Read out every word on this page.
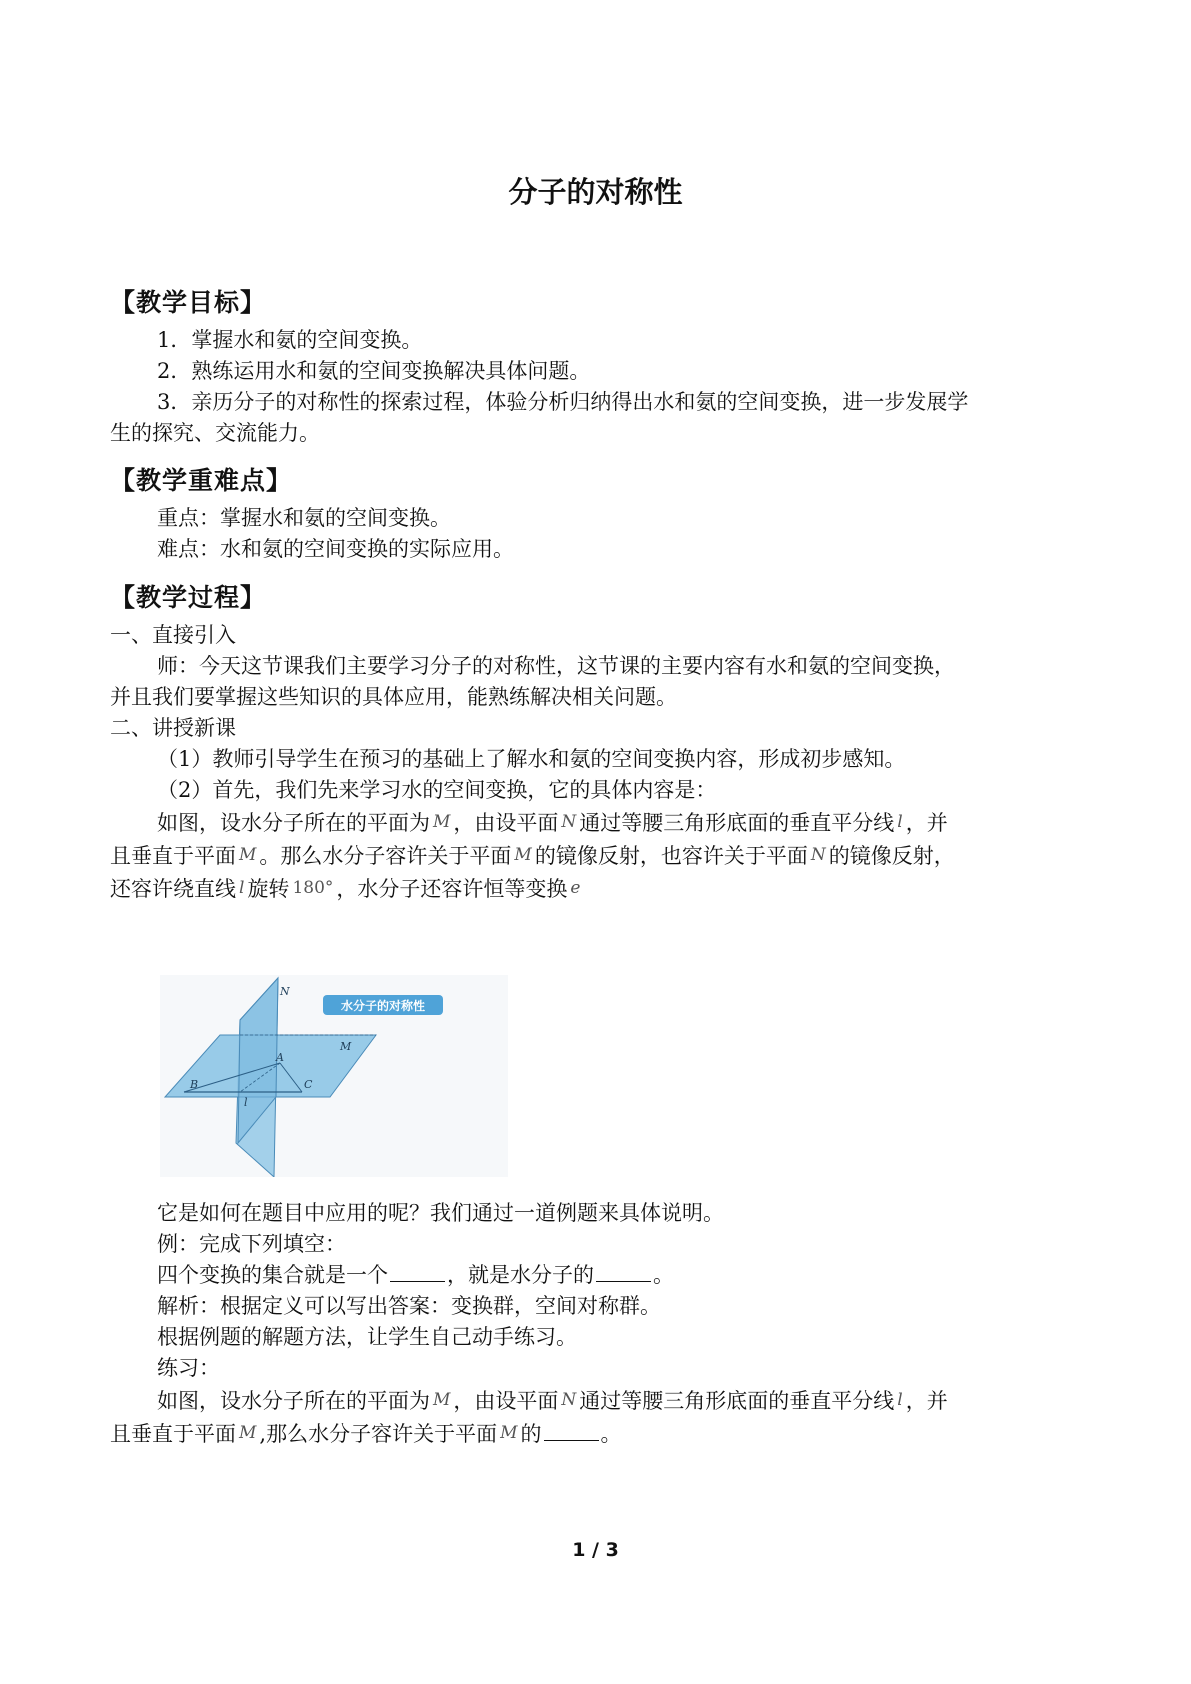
分子的对称性
【教学目标】
1．掌握水和氨的空间变换。
2．熟练运用水和氨的空间变换解决具体问题。
3．亲历分子的对称性的探索过程，体验分析归纳得出水和氨的空间变换，进一步发展学
生的探究、交流能力。
【教学重难点】
重点：掌握水和氨的空间变换。
难点：水和氨的空间变换的实际应用。
【教学过程】
一、直接引入
师：今天这节课我们主要学习分子的对称性，这节课的主要内容有水和氨的空间变换，
并且我们要掌握这些知识的具体应用，能熟练解决相关问题。
二、讲授新课
（1）教师引导学生在预习的基础上了解水和氨的空间变换内容，形成初步感知。
（2）首先，我们先来学习水的空间变换，它的具体内容是：
如图，设水分子所在的平面为 M ，由设平面 N 通过等腰三角形底面的垂直平分线 l ，并
且垂直于平面 M 。那么水分子容许关于平面 M 的镜像反射，也容许关于平面 N 的镜像反射，
还容许绕直线 l 旋转 180° ，水分子还容许恒等变换 e
水分子的对称性
N
M
A
B	C
l
它是如何在题目中应用的呢？我们通过一道例题来具体说明。
例：完成下列填空：
四个变换的集合就是一个	，就是水分子的	。
解析：根据定义可以写出答案：变换群，空间对称群。
根据例题的解题方法，让学生自己动手练习。
练习：
如图，设水分子所在的平面为 M ，由设平面 N 通过等腰三角形底面的垂直平分线 l ，并
且垂直于平面 M ,那么水分子容许关于平面 M 的	。
1 / 3
